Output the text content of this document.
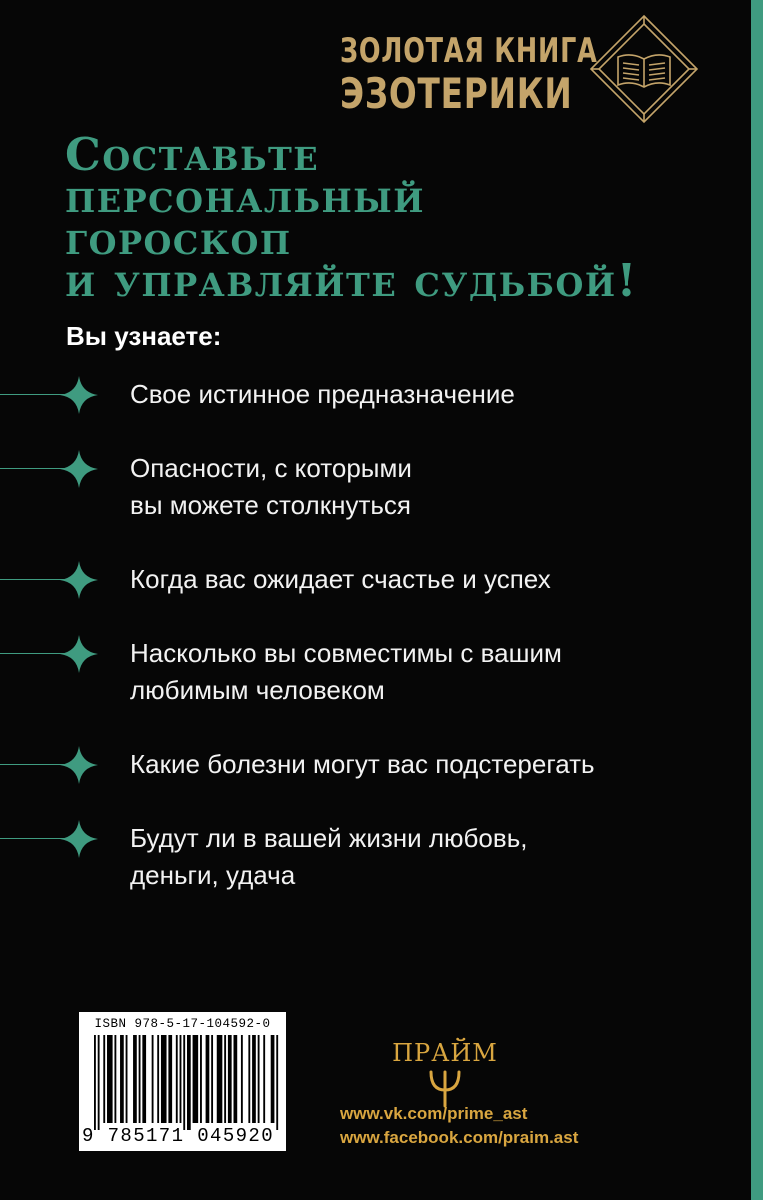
ЗОЛОТАЯ КНИГА
ЭЗОТЕРИКИ
Составьте
персональный
гороскоп
и управляйте судьбой!
Вы узнаете:
Свое истинное предназначение
Опасности, с которыми
вы можете столкнуться
Когда вас ожидает счастье и успех
Насколько вы совместимы с вашим
любимым человеком
Какие болезни могут вас подстерегать
Будут ли в вашей жизни любовь,
деньги, удача
ISBN 978-5-17-104592-0
9 785171 045920
ПРАЙМ
www.vk.com/prime_ast
www.facebook.com/praim.ast
